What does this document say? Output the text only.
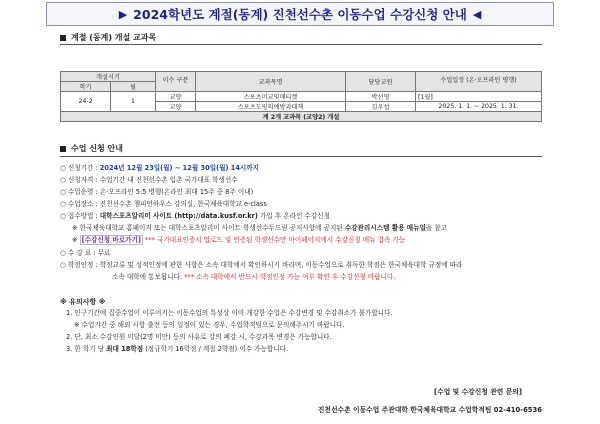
▶ 2024학년도 계절(동계) 진천선수촌 이동수업 수강신청 안내 ◀
계절 (동계) 개설 교과목
개설시기		이수 구분	교과목명	담당교원	수업일정 (온·오프라인 병행)
학기	월				
24-2	1	교양	스포츠미교및매티켓	박선영	[1월]
		교양	스포츠도핑의예방과대책	김우섭	2025. 1. 1. ~ 2025. 1. 31.
계 2개 교과목 (교양2) 개설					
수업 신청 안내
○ 신청기간 : 2024년 12월 23일(월) ~ 12월 30일(월) 14시까지
○ 신청자격 : 수업기간 내 진천선수촌 입촌 국가대표 학생선수
○ 수업운영 : 온·오프라인 5:5 병행(온라인 최대 15주 중 8주 이내)
○ 수업장소 : 진천선수촌 챔피언하우스 강의실, 한국체육대학교 e-class
○ 접수방법 : 대학스포츠알리미 사이트 (http://data.kusf.or.kr) 가입 후 온라인 수강신청
※ 한국체육대학교 홈페이지 또는 대학스포츠알리미 사이트 학생선수두드림 공지사항에 공지된 수강관리시스템 활용 매뉴얼을 참고
※ [수강신청 바로가기] *** 국가대표인증서 업로드 및 인증된 학생선수만 마이페이지에서 수강신청 메뉴 접속 가능
○ 수 강 료 : 무료
○ 학점인정 : 학점교류 및 성적인정에 관한 사항은 소속 대학에서 확인하시기 바라며, 이동수업으로 취득한 학점은 한국체육대학 규정에 따라
소속 대학에 통보됩니다. *** 소속 대학에서 반드시 학점인정 가능 여부 확인 후 수강신청 바랍니다.
※ 유의사항 ※
1. 인구기간에 집중수업이 이루어지는 이동수업의 특성상 이미 개강한 수업은 수강변경 및 수강취소가 불가합니다.
※ 수업기간 중 해외 시합 출전 등의 일정이 있는 경우, 수업학적팀으로 문의해주시기 바랍니다.
2. 단, 최소 수강인원 미달(2명 미만) 등의 사유로 강의 폐강 시, 수강과목 변경은 가능합니다.
3. 한 학기 당 최대 18학점 (정규학기 16학점 / 계절 2학점) 이수 가능합니다.
[수업 및 수강신청 관련 문의]
진천선수촌 이동수업 주관대학 한국체육대학교 수업학적팀 02-410-6536
